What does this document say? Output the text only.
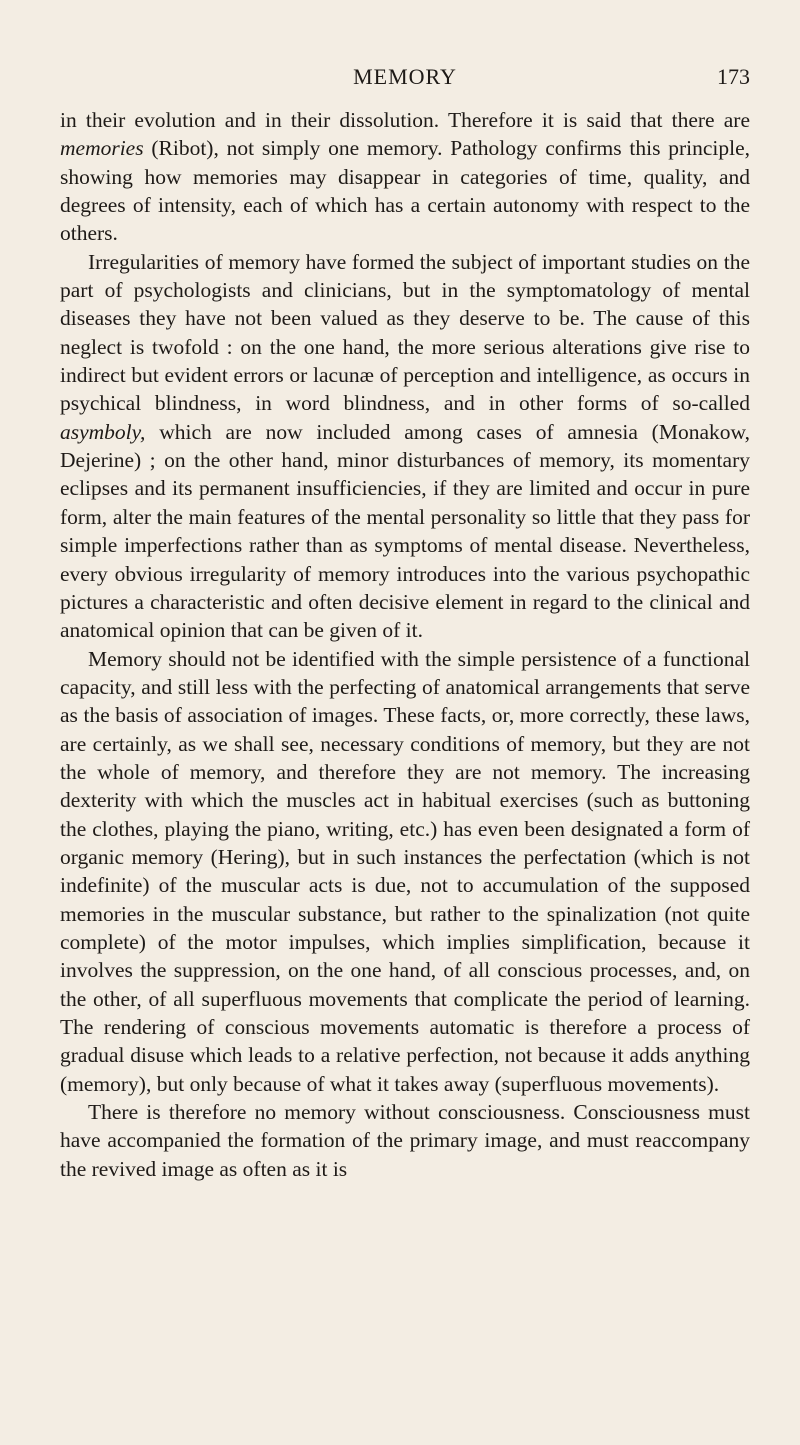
MEMORY	173

in their evolution and in their dissolution. Therefore it is said that there are memories (Ribot), not simply one memory. Pathology confirms this principle, showing how memories may disappear in categories of time, quality, and degrees of intensity, each of which has a certain autonomy with respect to the others.

Irregularities of memory have formed the subject of important studies on the part of psychologists and clinicians, but in the symptomatology of mental diseases they have not been valued as they deserve to be. The cause of this neglect is twofold : on the one hand, the more serious alterations give rise to indirect but evident errors or lacunæ of perception and intelligence, as occurs in psychical blindness, in word blindness, and in other forms of so-called asymboly, which are now included among cases of amnesia (Monakow, Dejerine) ; on the other hand, minor disturbances of memory, its momentary eclipses and its permanent insufficiencies, if they are limited and occur in pure form, alter the main features of the mental personality so little that they pass for simple imperfections rather than as symptoms of mental disease. Nevertheless, every obvious irregularity of memory introduces into the various psychopathic pictures a characteristic and often decisive element in regard to the clinical and anatomical opinion that can be given of it.

Memory should not be identified with the simple persistence of a functional capacity, and still less with the perfecting of anatomical arrangements that serve as the basis of association of images. These facts, or, more correctly, these laws, are certainly, as we shall see, necessary conditions of memory, but they are not the whole of memory, and therefore they are not memory. The increasing dexterity with which the muscles act in habitual exercises (such as buttoning the clothes, playing the piano, writing, etc.) has even been designated a form of organic memory (Hering), but in such instances the perfectation (which is not indefinite) of the muscular acts is due, not to accumulation of the supposed memories in the muscular substance, but rather to the spinalization (not quite complete) of the motor impulses, which implies simplification, because it involves the suppression, on the one hand, of all conscious processes, and, on the other, of all superfluous movements that complicate the period of learning. The rendering of conscious movements automatic is therefore a process of gradual disuse which leads to a relative perfection, not because it adds anything (memory), but only because of what it takes away (superfluous movements).

There is therefore no memory without consciousness. Consciousness must have accompanied the formation of the primary image, and must reaccompany the revived image as often as it is
